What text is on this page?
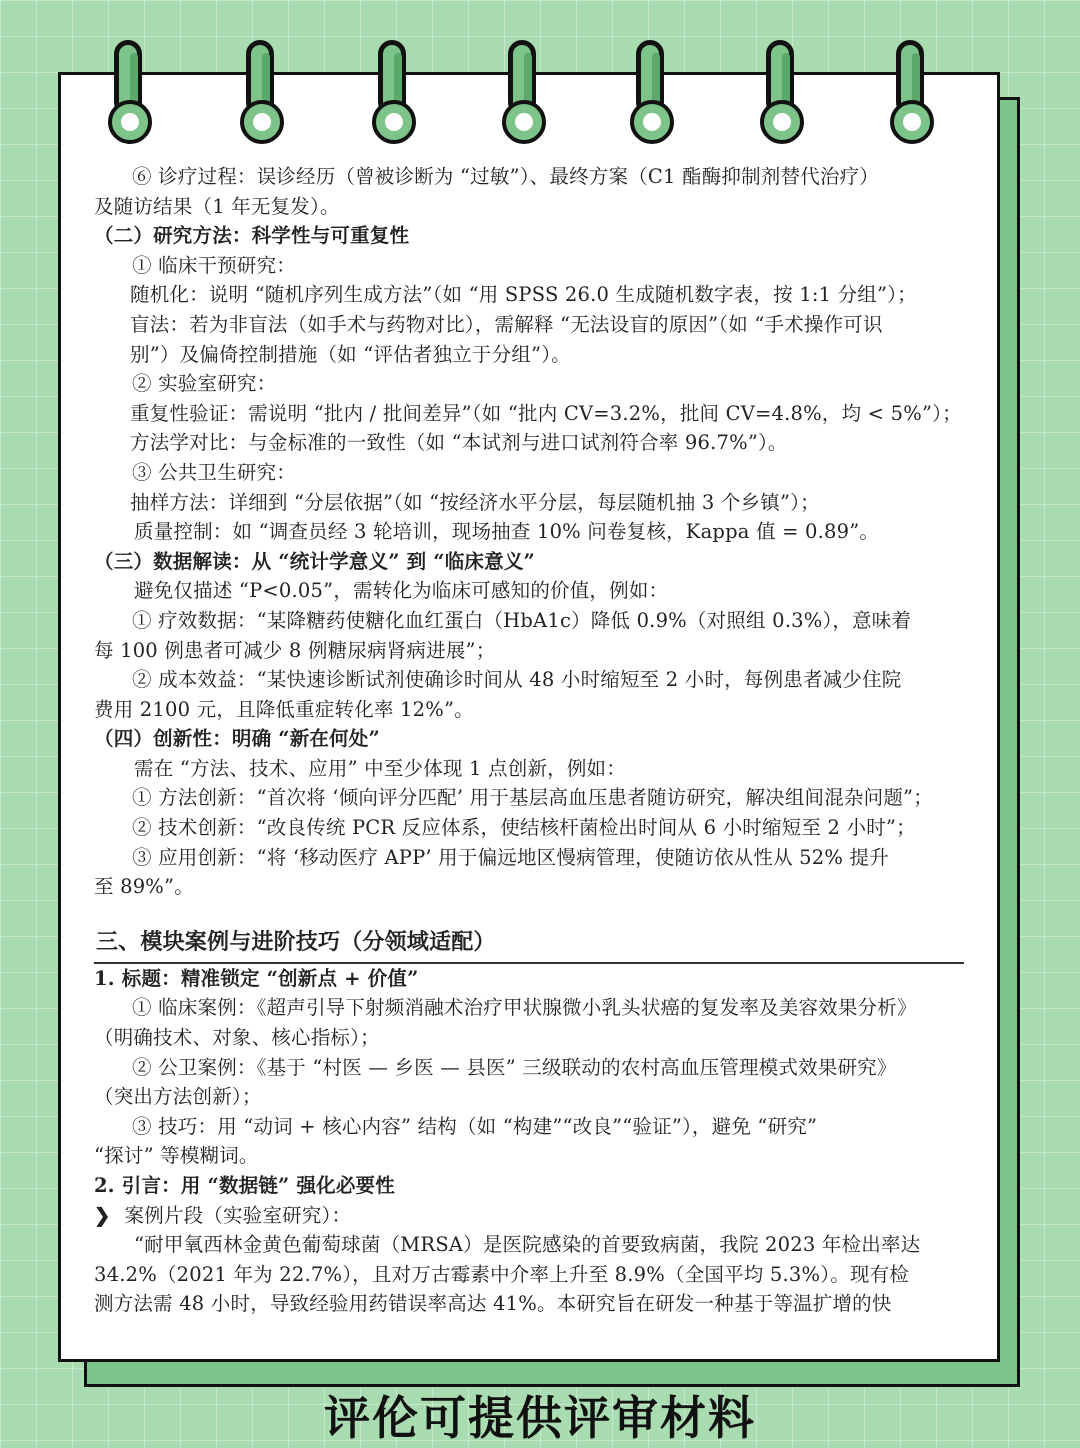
⑥ 诊疗过程：误诊经历（曾被诊断为 “过敏”）、最终方案（C1 酯酶抑制剂替代治疗）
及随访结果（1 年无复发）。
（二）研究方法：科学性与可重复性
① 临床干预研究：
随机化：说明 “随机序列生成方法”（如 “用 SPSS 26.0 生成随机数字表，按 1:1 分组”）；
盲法：若为非盲法（如手术与药物对比），需解释 “无法设盲的原因”（如 “手术操作可识
别”）及偏倚控制措施（如 “评估者独立于分组”）。
② 实验室研究：
重复性验证：需说明 “批内 / 批间差异”（如 “批内 CV=3.2%，批间 CV=4.8%，均 < 5%”）；
方法学对比：与金标准的一致性（如 “本试剂与进口试剂符合率 96.7%”）。
③ 公共卫生研究：
抽样方法：详细到 “分层依据”（如 “按经济水平分层，每层随机抽 3 个乡镇”）；
质量控制：如 “调查员经 3 轮培训，现场抽查 10% 问卷复核，Kappa 值 = 0.89”。
（三）数据解读：从 “统计学意义” 到 “临床意义”
避免仅描述 “P<0.05”，需转化为临床可感知的价值，例如：
① 疗效数据：“某降糖药使糖化血红蛋白（HbA1c）降低 0.9%（对照组 0.3%），意味着
每 100 例患者可减少 8 例糖尿病肾病进展”；
② 成本效益：“某快速诊断试剂使确诊时间从 48 小时缩短至 2 小时，每例患者减少住院
费用 2100 元，且降低重症转化率 12%”。
（四）创新性：明确 “新在何处”
需在 “方法、技术、应用” 中至少体现 1 点创新，例如：
① 方法创新：“首次将 ‘倾向评分匹配’ 用于基层高血压患者随访研究，解决组间混杂问题”；
② 技术创新：“改良传统 PCR 反应体系，使结核杆菌检出时间从 6 小时缩短至 2 小时”；
③ 应用创新：“将 ‘移动医疗 APP’ 用于偏远地区慢病管理，使随访依从性从 52% 提升
至 89%”。
三、模块案例与进阶技巧（分领域适配）
1. 标题：精准锁定 “创新点 + 价值”
① 临床案例：《超声引导下射频消融术治疗甲状腺微小乳头状癌的复发率及美容效果分析》
（明确技术、对象、核心指标）；
② 公卫案例：《基于 “村医 — 乡医 — 县医” 三级联动的农村高血压管理模式效果研究》
（突出方法创新）；
③ 技巧：用 “动词 + 核心内容” 结构（如 “构建”“改良”“验证”），避免 “研究”
“探讨” 等模糊词。
2. 引言：用 “数据链” 强化必要性
❯ 案例片段（实验室研究）：
“耐甲氧西林金黄色葡萄球菌（MRSA）是医院感染的首要致病菌，我院 2023 年检出率达
34.2%（2021 年为 22.7%），且对万古霉素中介率上升至 8.9%（全国平均 5.3%）。现有检
测方法需 48 小时，导致经验用药错误率高达 41%。本研究旨在研发一种基于等温扩增的快
评伦可提供评审材料
